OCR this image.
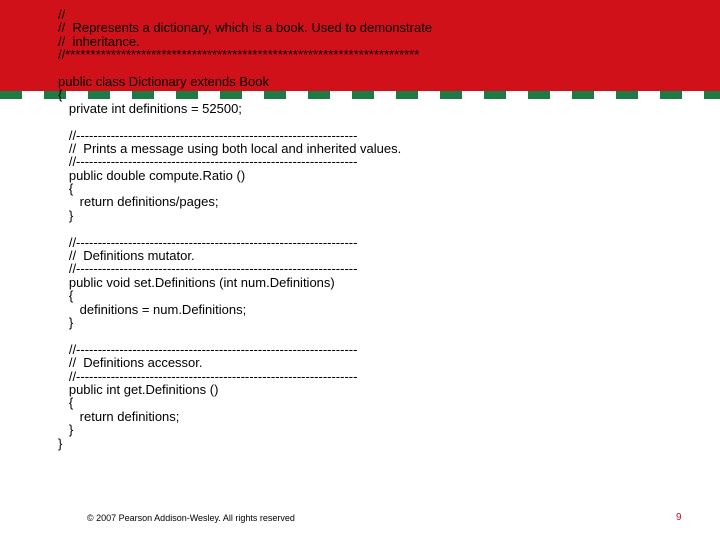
//
//  Represents a dictionary, which is a book. Used to demonstrate
//  inheritance.
//**********************************************************************
public class Dictionary extends Book
{
private int definitions = 52500;
//-----------------------------------------------------------------
//  Prints a message using both local and inherited values.
//-----------------------------------------------------------------
public double compute.Ratio ()
{
return definitions/pages;
}
//-----------------------------------------------------------------
//  Definitions mutator.
//-----------------------------------------------------------------
public void set.Definitions (int num.Definitions)
{
definitions = num.Definitions;
}
//-----------------------------------------------------------------
//  Definitions accessor.
//-----------------------------------------------------------------
public int get.Definitions ()
{
return definitions;
}
}
© 2007 Pearson Addison-Wesley. All rights reserved	9
